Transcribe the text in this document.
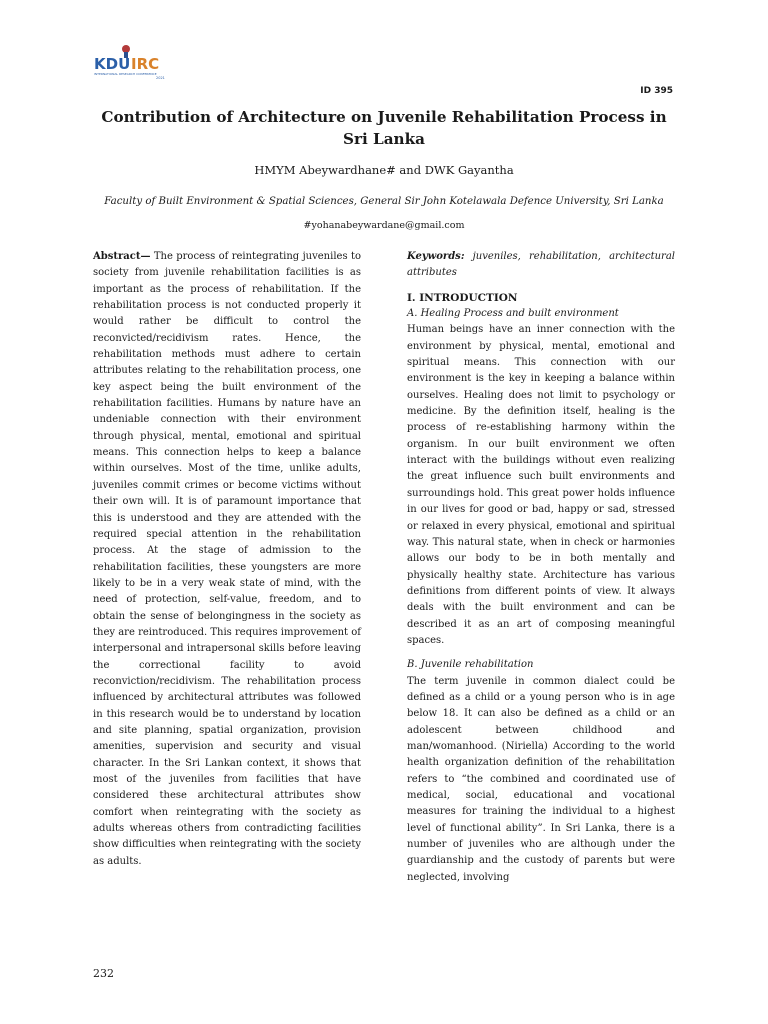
KDU IRC
INTERNATIONAL RESEARCH CONFERENCE
2021
ID 395
Contribution of Architecture on Juvenile Rehabilitation Process in Sri Lanka
HMYM Abeywardhane# and DWK Gayantha
Faculty of Built Environment & Spatial Sciences, General Sir John Kotelawala Defence University, Sri Lanka
#yohanabeywardane@gmail.com

Abstract— The process of reintegrating juveniles to society from juvenile rehabilitation facilities is as important as the process of rehabilitation. If the rehabilitation process is not conducted properly it would rather be difficult to control the reconvicted/recidivism rates. Hence, the rehabilitation methods must adhere to certain attributes relating to the rehabilitation process, one key aspect being the built environment of the rehabilitation facilities. Humans by nature have an undeniable connection with their environment through physical, mental, emotional and spiritual means. This connection helps to keep a balance within ourselves. Most of the time, unlike adults, juveniles commit crimes or become victims without their own will. It is of paramount importance that this is understood and they are attended with the required special attention in the rehabilitation process. At the stage of admission to the rehabilitation facilities, these youngsters are more likely to be in a very weak state of mind, with the need of protection, self-value, freedom, and to obtain the sense of belongingness in the society as they are reintroduced. This requires improvement of interpersonal and intrapersonal skills before leaving the correctional facility to avoid reconviction/recidivism. The rehabilitation process influenced by architectural attributes was followed in this research would be to understand by location and site planning, spatial organization, provision amenities, supervision and security and visual character. In the Sri Lankan context, it shows that most of the juveniles from facilities that have considered these architectural attributes show comfort when reintegrating with the society as adults whereas others from contradicting facilities show difficulties when reintegrating with the society as adults.

Keywords: juveniles, rehabilitation, architectural attributes

I. INTRODUCTION

A. Healing Process and built environment

Human beings have an inner connection with the environment by physical, mental, emotional and spiritual means. This connection with our environment is the key in keeping a balance within ourselves. Healing does not limit to psychology or medicine. By the definition itself, healing is the process of re-establishing harmony within the organism. In our built environment we often interact with the buildings without even realizing the great influence such built environments and surroundings hold. This great power holds influence in our lives for good or bad, happy or sad, stressed or relaxed in every physical, emotional and spiritual way. This natural state, when in check or harmonies allows our body to be in both mentally and physically healthy state. Architecture has various definitions from different points of view. It always deals with the built environment and can be described it as an art of composing meaningful spaces.

B. Juvenile rehabilitation

The term juvenile in common dialect could be defined as a child or a young person who is in age below 18. It can also be defined as a child or an adolescent between childhood and man/womanhood. (Niriella) According to the world health organization definition of the rehabilitation refers to “the combined and coordinated use of medical, social, educational and vocational measures for training the individual to a highest level of functional ability”. In Sri Lanka, there is a number of juveniles who are although under the guardianship and the custody of parents but were neglected, involving

232
